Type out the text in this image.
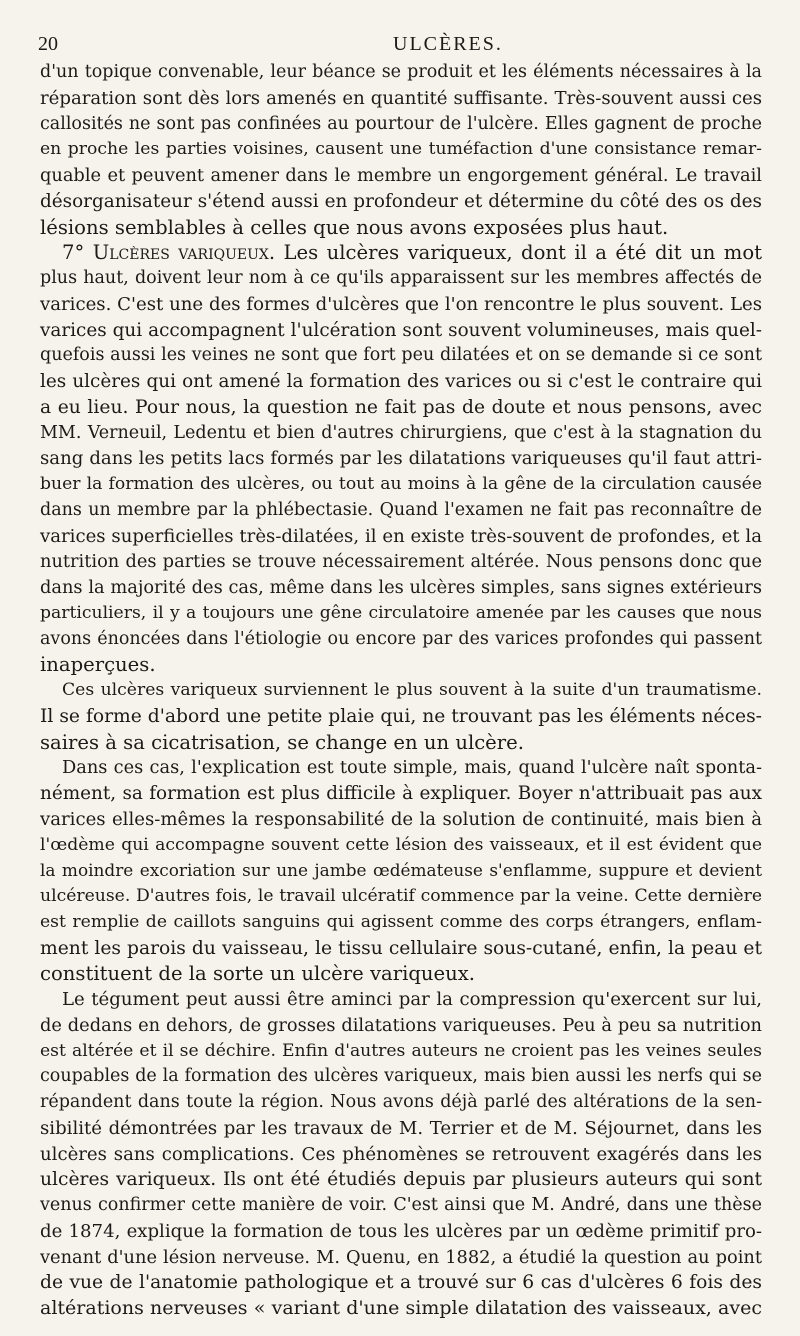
20	ULCÈRES.
d'un topique convenable, leur béance se produit et les éléments nécessaires à la
réparation sont dès lors amenés en quantité suffisante. Très-souvent aussi ces
callosités ne sont pas confinées au pourtour de l'ulcère. Elles gagnent de proche
en proche les parties voisines, causent une tuméfaction d'une consistance remar-
quable et peuvent amener dans le membre un engorgement général. Le travail
désorganisateur s'étend aussi en profondeur et détermine du côté des os des
lésions semblables à celles que nous avons exposées plus haut.
7° Ulcères variqueux. Les ulcères variqueux, dont il a été dit un mot
plus haut, doivent leur nom à ce qu'ils apparaissent sur les membres affectés de
varices. C'est une des formes d'ulcères que l'on rencontre le plus souvent. Les
varices qui accompagnent l'ulcération sont souvent volumineuses, mais quel-
quefois aussi les veines ne sont que fort peu dilatées et on se demande si ce sont
les ulcères qui ont amené la formation des varices ou si c'est le contraire qui
a eu lieu. Pour nous, la question ne fait pas de doute et nous pensons, avec
MM. Verneuil, Ledentu et bien d'autres chirurgiens, que c'est à la stagnation du
sang dans les petits lacs formés par les dilatations variqueuses qu'il faut attri-
buer la formation des ulcères, ou tout au moins à la gêne de la circulation causée
dans un membre par la phlébectasie. Quand l'examen ne fait pas reconnaître de
varices superficielles très-dilatées, il en existe très-souvent de profondes, et la
nutrition des parties se trouve nécessairement altérée. Nous pensons donc que
dans la majorité des cas, même dans les ulcères simples, sans signes extérieurs
particuliers, il y a toujours une gêne circulatoire amenée par les causes que nous
avons énoncées dans l'étiologie ou encore par des varices profondes qui passent
inaperçues.
Ces ulcères variqueux surviennent le plus souvent à la suite d'un traumatisme.
Il se forme d'abord une petite plaie qui, ne trouvant pas les éléments néces-
saires à sa cicatrisation, se change en un ulcère.
Dans ces cas, l'explication est toute simple, mais, quand l'ulcère naît sponta-
nément, sa formation est plus difficile à expliquer. Boyer n'attribuait pas aux
varices elles-mêmes la responsabilité de la solution de continuité, mais bien à
l'œdème qui accompagne souvent cette lésion des vaisseaux, et il est évident que
la moindre excoriation sur une jambe œdémateuse s'enflamme, suppure et devient
ulcéreuse. D'autres fois, le travail ulcératif commence par la veine. Cette dernière
est remplie de caillots sanguins qui agissent comme des corps étrangers, enflam-
ment les parois du vaisseau, le tissu cellulaire sous-cutané, enfin, la peau et
constituent de la sorte un ulcère variqueux.
Le tégument peut aussi être aminci par la compression qu'exercent sur lui,
de dedans en dehors, de grosses dilatations variqueuses. Peu à peu sa nutrition
est altérée et il se déchire. Enfin d'autres auteurs ne croient pas les veines seules
coupables de la formation des ulcères variqueux, mais bien aussi les nerfs qui se
répandent dans toute la région. Nous avons déjà parlé des altérations de la sen-
sibilité démontrées par les travaux de M. Terrier et de M. Séjournet, dans les
ulcères sans complications. Ces phénomènes se retrouvent exagérés dans les
ulcères variqueux. Ils ont été étudiés depuis par plusieurs auteurs qui sont
venus confirmer cette manière de voir. C'est ainsi que M. André, dans une thèse
de 1874, explique la formation de tous les ulcères par un œdème primitif pro-
venant d'une lésion nerveuse. M. Quenu, en 1882, a étudié la question au point
de vue de l'anatomie pathologique et a trouvé sur 6 cas d'ulcères 6 fois des
altérations nerveuses « variant d'une simple dilatation des vaisseaux, avec
